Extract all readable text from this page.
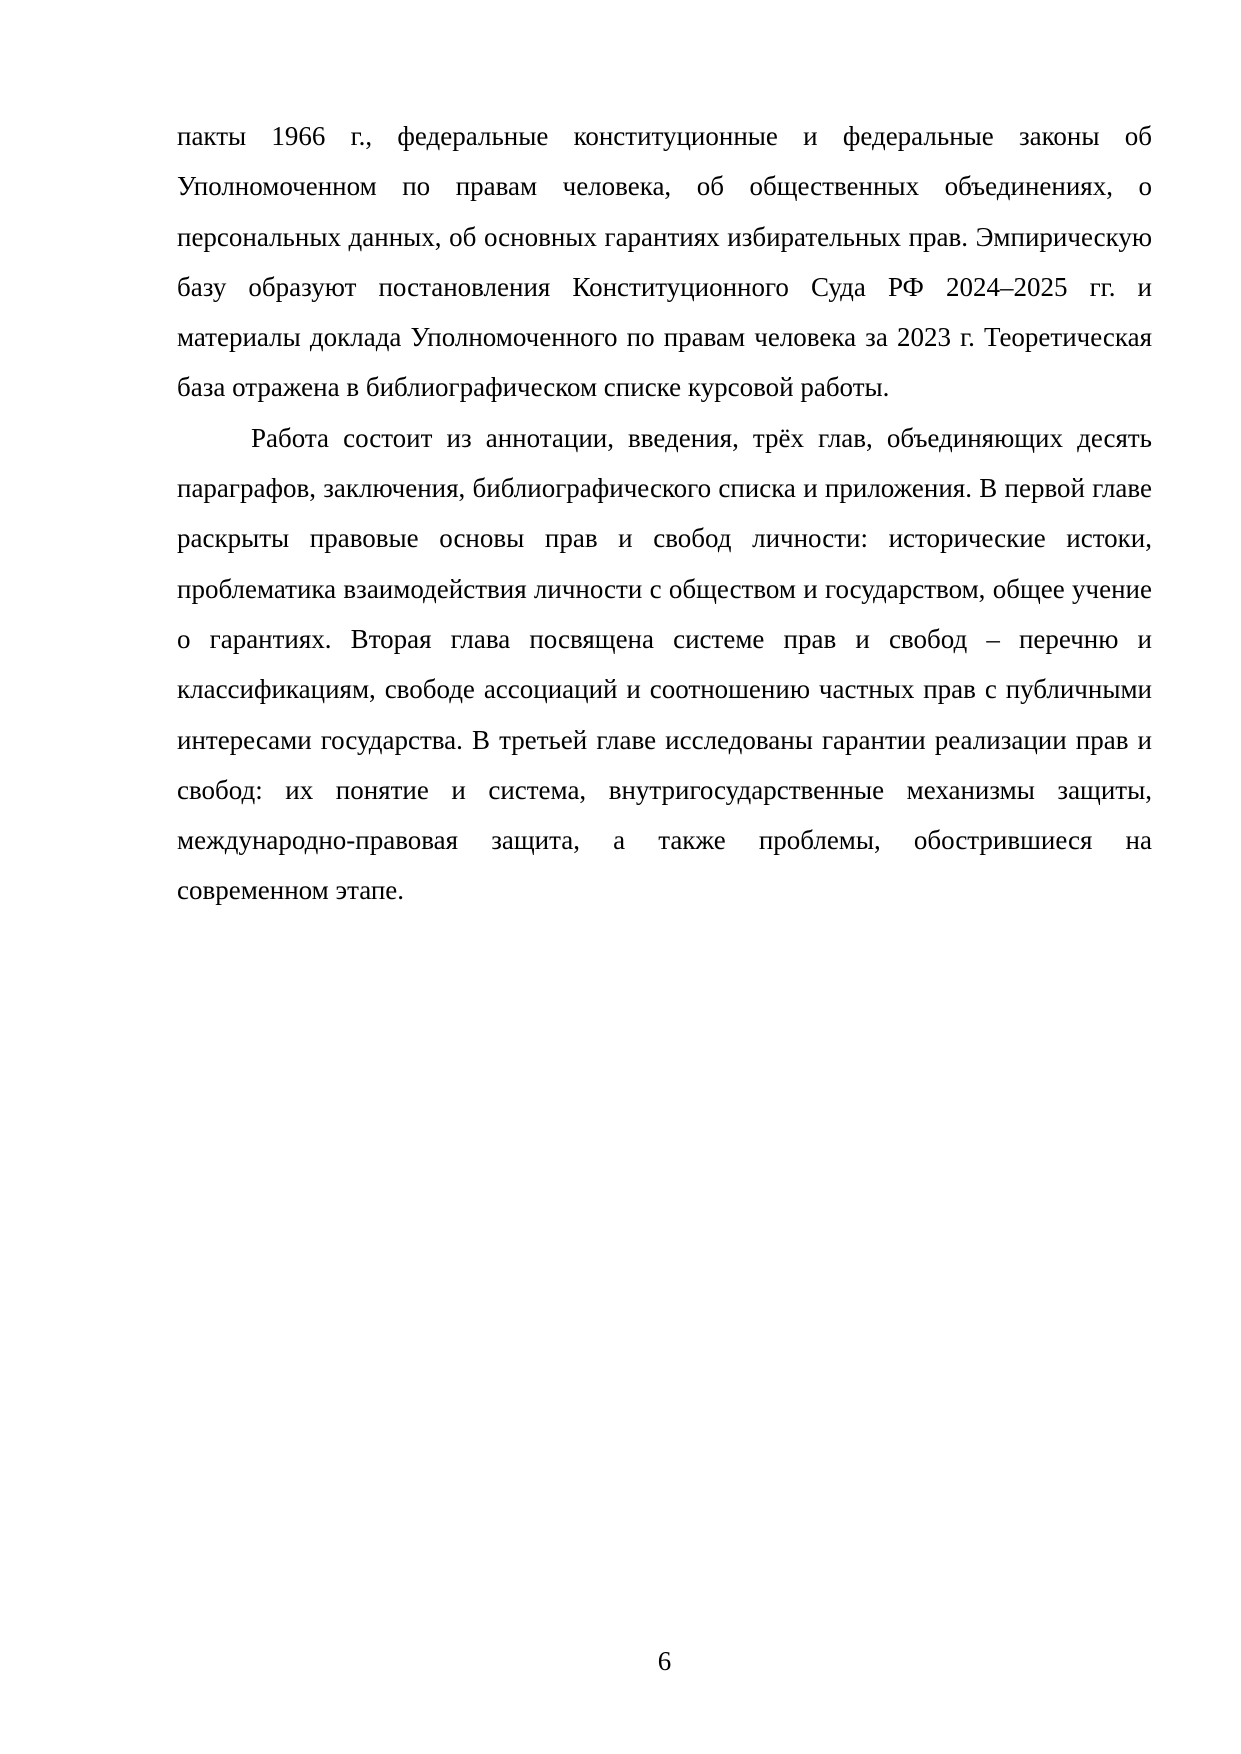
пакты 1966 г., федеральные конституционные и федеральные законы об Уполномоченном по правам человека, об общественных объединениях, о персональных данных, об основных гарантиях избирательных прав. Эмпирическую базу образуют постановления Конституционного Суда РФ 2024–2025 гг. и материалы доклада Уполномоченного по правам человека за 2023 г. Теоретическая база отражена в библиографическом списке курсовой работы.

Работа состоит из аннотации, введения, трёх глав, объединяющих десять параграфов, заключения, библиографического списка и приложения. В первой главе раскрыты правовые основы прав и свобод личности: исторические истоки, проблематика взаимодействия личности с обществом и государством, общее учение о гарантиях. Вторая глава посвящена системе прав и свобод – перечню и классификациям, свободе ассоциаций и соотношению частных прав с публичными интересами государства. В третьей главе исследованы гарантии реализации прав и свобод: их понятие и система, внутригосударственные механизмы защиты, международно-правовая защита, а также проблемы, обострившиеся на современном этапе.

6
